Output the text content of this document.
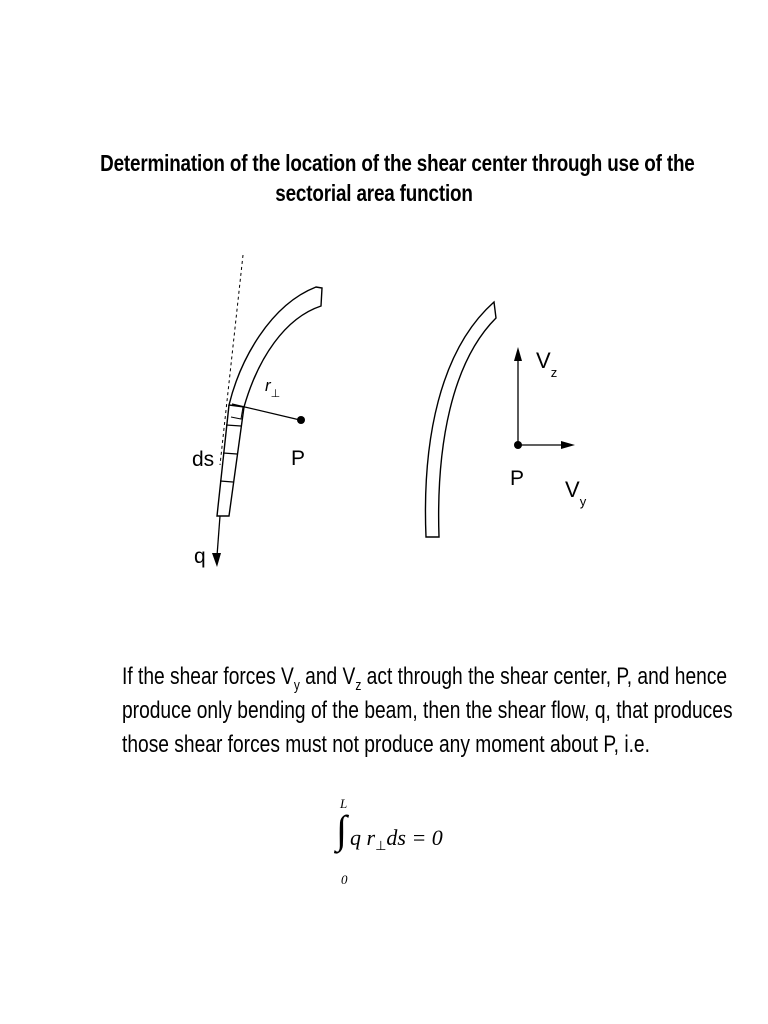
Determination of the location of the shear center through use of the
sectorial area function
$r_\perp$
ds	P
q
$V_z$
P $V_y$
If the shear forces $V_y$ and $V_z$ act through the shear center, P, and hence
produce only bending of the beam, then the shear flow, q, that produces
those shear forces must not produce any moment about P, i.e.
L
∫ q $r_\perp ds = 0$
0
